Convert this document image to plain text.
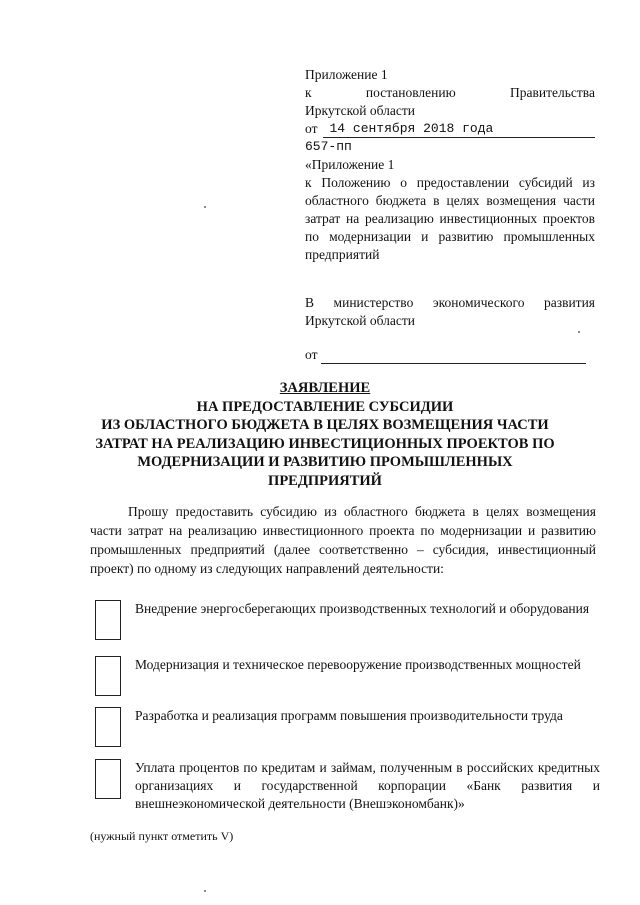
Приложение 1
к	постановлению	Правительства
Иркутской области
от 14 сентября 2018 года
657-пп
«Приложение 1
к Положению о предоставлении субсидий из областного бюджета в целях возмещения части затрат на реализацию инвестиционных проектов по модернизации и развитию промышленных предприятий
В министерство экономического развития Иркутской области
от
ЗАЯВЛЕНИЕ
НА ПРЕДОСТАВЛЕНИЕ СУБСИДИИ
ИЗ ОБЛАСТНОГО БЮДЖЕТА В ЦЕЛЯХ ВОЗМЕЩЕНИЯ ЧАСТИ
ЗАТРАТ НА РЕАЛИЗАЦИЮ ИНВЕСТИЦИОННЫХ ПРОЕКТОВ ПО
МОДЕРНИЗАЦИИ И РАЗВИТИЮ ПРОМЫШЛЕННЫХ
ПРЕДПРИЯТИЙ
Прошу предоставить субсидию из областного бюджета в целях возмещения части затрат на реализацию инвестиционного проекта по модернизации и развитию промышленных предприятий (далее соответственно – субсидия, инвестиционный проект) по одному из следующих направлений деятельности:
Внедрение энергосберегающих производственных технологий и оборудования
Модернизация и техническое перевооружение производственных мощностей
Разработка и реализация программ повышения производительности труда
Уплата процентов по кредитам и займам, полученным в российских кредитных организациях и государственной корпорации «Банк развития и внешнеэкономической деятельности (Внешэкономбанк)»
(нужный пункт отметить V)
